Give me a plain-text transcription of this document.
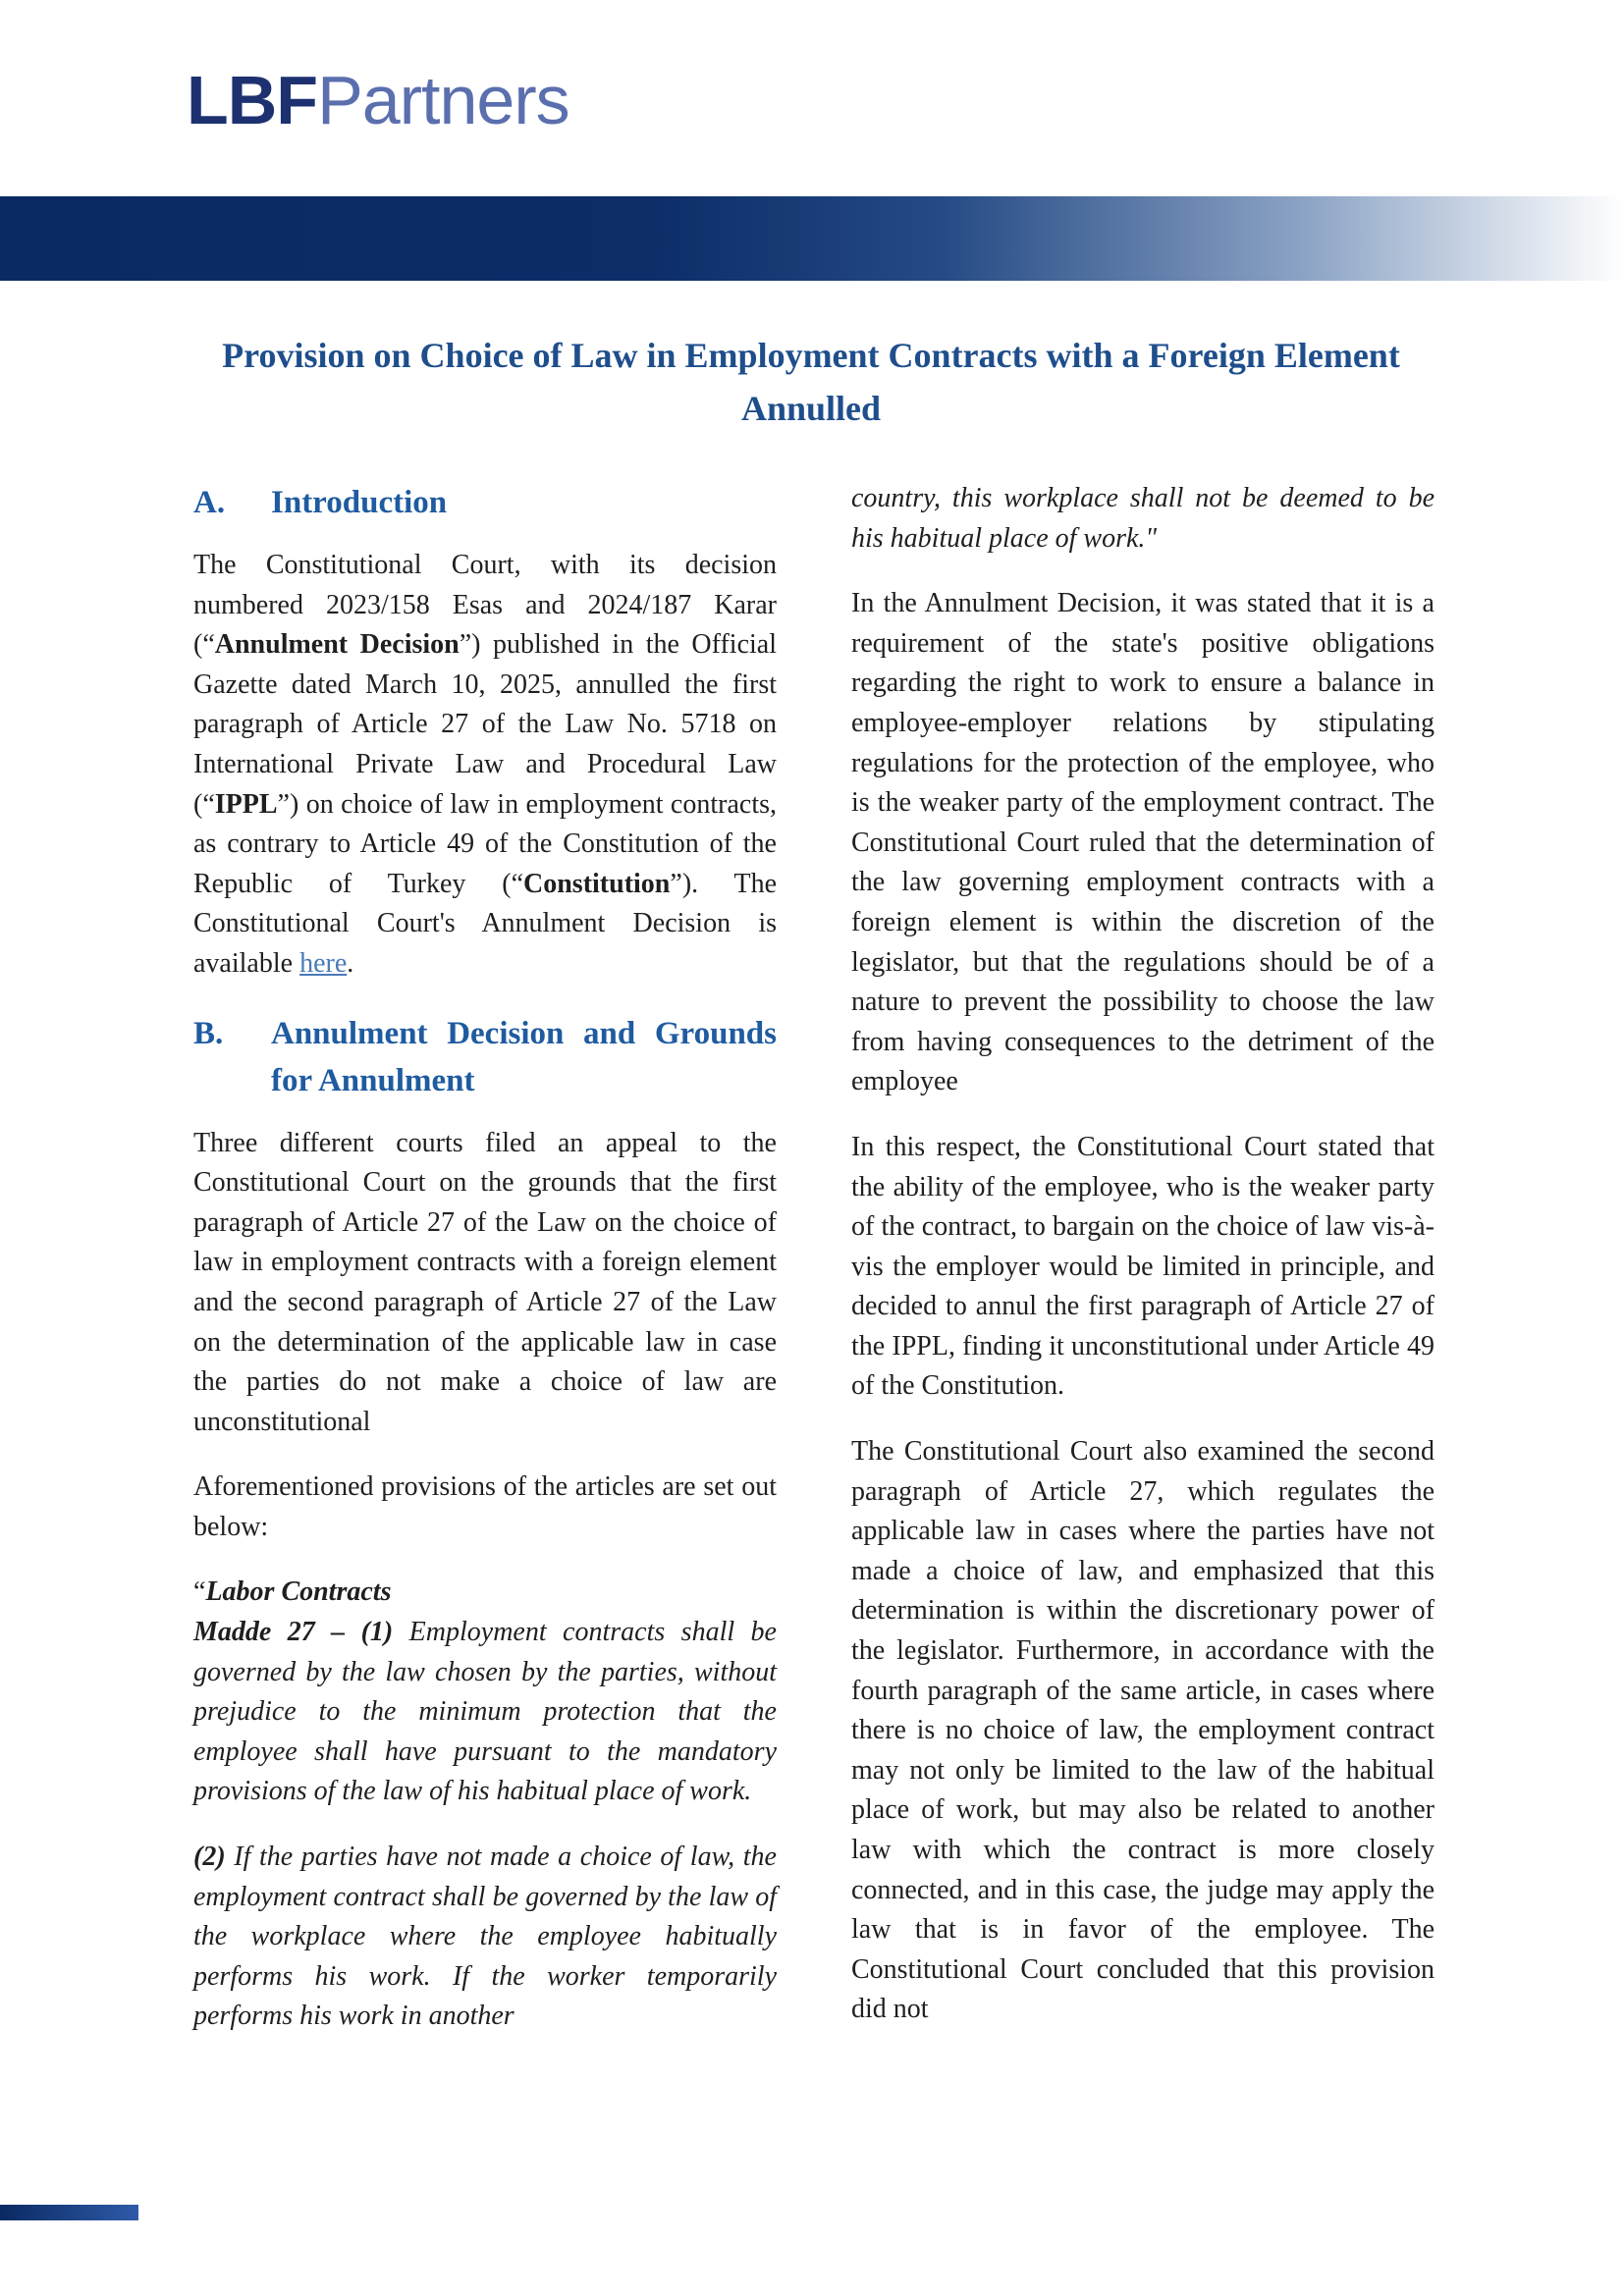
LBFPartners
Provision on Choice of Law in Employment Contracts with a Foreign Element Annulled
A.	Introduction

The Constitutional Court, with its decision numbered 2023/158 Esas and 2024/187 Karar (“Annulment Decision”) published in the Official Gazette dated March 10, 2025, annulled the first paragraph of Article 27 of the Law No. 5718 on International Private Law and Procedural Law (“IPPL”) on choice of law in employment contracts, as contrary to Article 49 of the Constitution of the Republic of Turkey (“Constitution”). The Constitutional Court's Annulment Decision is available here.

B.	Annulment Decision and Grounds for Annulment

Three different courts filed an appeal to the Constitutional Court on the grounds that the first paragraph of Article 27 of the Law on the choice of law in employment contracts with a foreign element and the second paragraph of Article 27 of the Law on the determination of the applicable law in case the parties do not make a choice of law are unconstitutional

Aforementioned provisions of the articles are set out below:

“Labor Contracts
Madde 27 – (1) Employment contracts shall be governed by the law chosen by the parties, without prejudice to the minimum protection that the employee shall have pursuant to the mandatory provisions of the law of his habitual place of work.

(2) If the parties have not made a choice of law, the employment contract shall be governed by the law of the workplace where the employee habitually performs his work. If the worker temporarily performs his work in another

country, this workplace shall not be deemed to be his habitual place of work."

In the Annulment Decision, it was stated that it is a requirement of the state's positive obligations regarding the right to work to ensure a balance in employee-employer relations by stipulating regulations for the protection of the employee, who is the weaker party of the employment contract. The Constitutional Court ruled that the determination of the law governing employment contracts with a foreign element is within the discretion of the legislator, but that the regulations should be of a nature to prevent the possibility to choose the law from having consequences to the detriment of the employee

In this respect, the Constitutional Court stated that the ability of the employee, who is the weaker party of the contract, to bargain on the choice of law vis-à-vis the employer would be limited in principle, and decided to annul the first paragraph of Article 27 of the IPPL, finding it unconstitutional under Article 49 of the Constitution.

The Constitutional Court also examined the second paragraph of Article 27, which regulates the applicable law in cases where the parties have not made a choice of law, and emphasized that this determination is within the discretionary power of the legislator. Furthermore, in accordance with the fourth paragraph of the same article, in cases where there is no choice of law, the employment contract may not only be limited to the law of the habitual place of work, but may also be related to another law with which the contract is more closely connected, and in this case, the judge may apply the law that is in favor of the employee. The Constitutional Court concluded that this provision did not
